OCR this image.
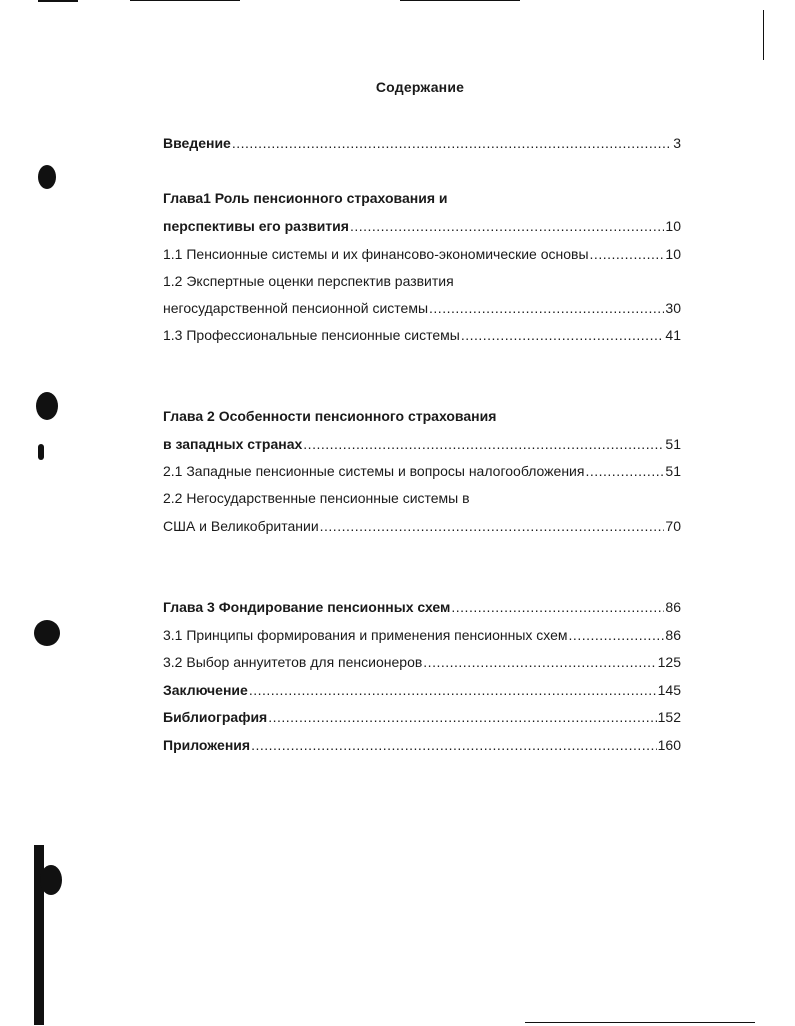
Содержание
Введение .....	3
Глава1 Роль пенсионного страхования и
перспективы его развития .....	10
1.1 Пенсионные системы и их финансово-экономические основы .....	10
1.2 Экспертные оценки перспектив развития
негосударственной пенсионной системы .....	30
1.3 Профессиональные пенсионные системы .....	41
Глава 2 Особенности пенсионного страхования
в западных странах .....	51
2.1 Западные пенсионные системы и вопросы налогообложения .....	51
2.2 Негосударственные пенсионные системы в
США и Великобритании .....	70
Глава 3 Фондирование пенсионных схем .....	86
3.1 Принципы формирования и применения пенсионных схем .....	86
3.2 Выбор аннуитетов для пенсионеров .....	125
Заключение .....	145
Библиография .....	152
Приложения .....	160
